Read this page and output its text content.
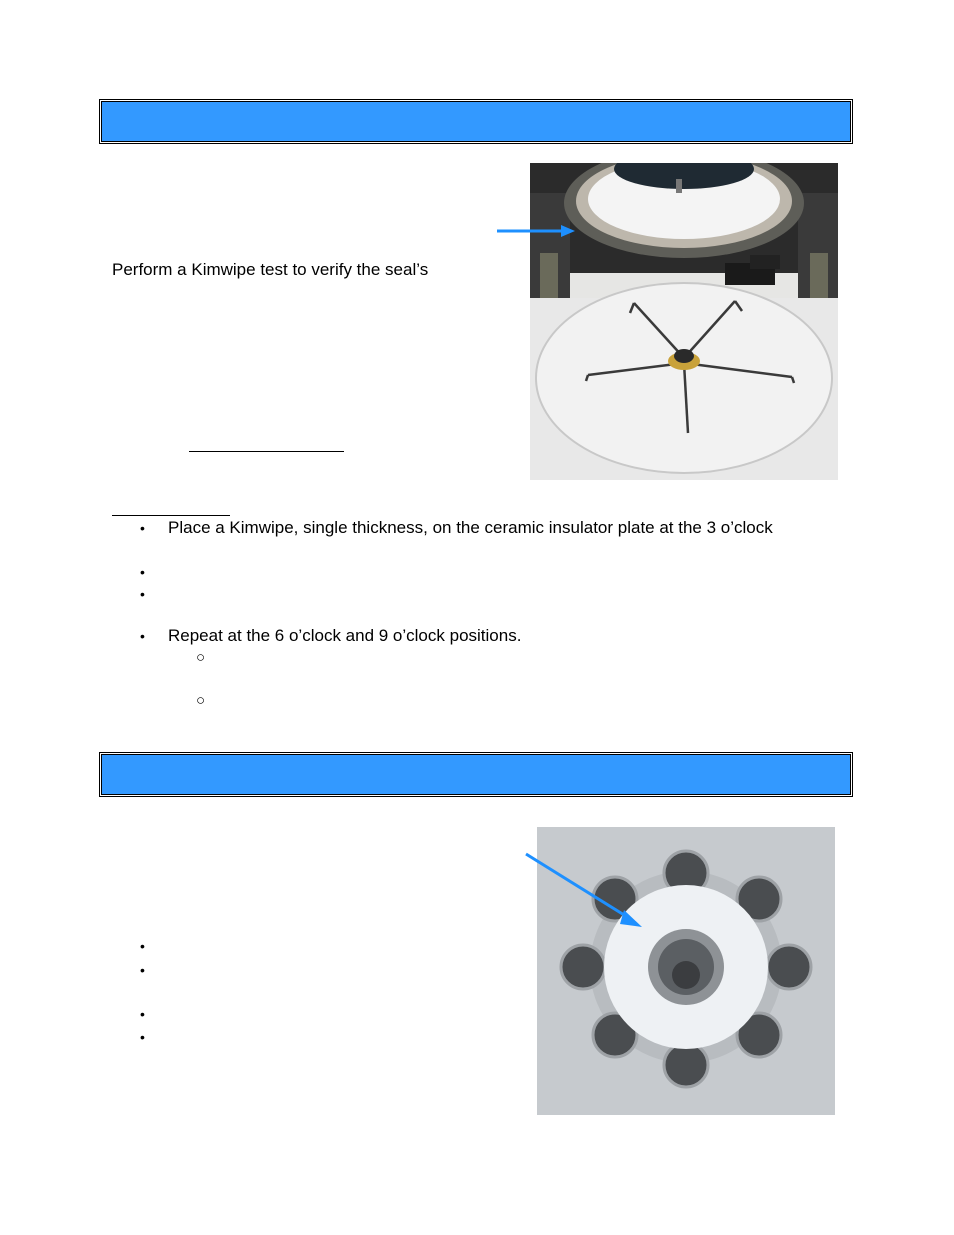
Perform a Kimwipe test to verify the seal’s
• Place a Kimwipe, single thickness, on the ceramic insulator plate at the 3 o’clock
•
•
• Repeat at the 6 o’clock and 9 o’clock positions.
○
○
•
•
•
•
